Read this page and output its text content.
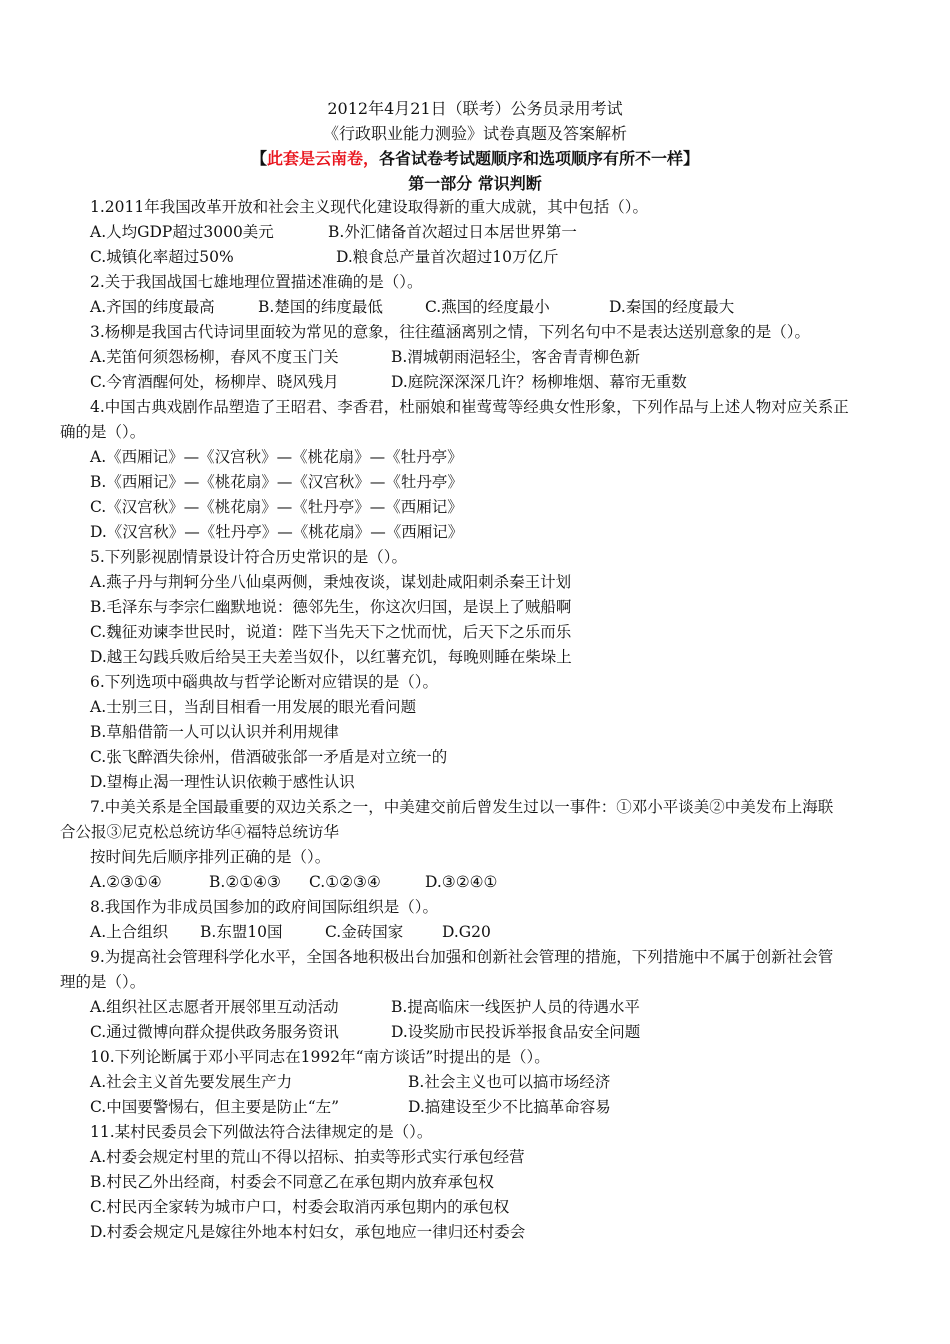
2012年4月21日（联考）公务员录用考试
《行政职业能力测验》试卷真题及答案解析
【此套是云南卷，各省试卷考试题顺序和选项顺序有所不一样】
第一部分 常识判断
1.2011年我国改革开放和社会主义现代化建设取得新的重大成就，其中包括（）。
A.人均GDP超过3000美元	B.外汇储备首次超过日本居世界第一
C.城镇化率超过50%	D.粮食总产量首次超过10万亿斤
2.关于我国战国七雄地理位置描述准确的是（）。
A.齐国的纬度最高	B.楚国的纬度最低	C.燕国的经度最小	D.秦国的经度最大
3.杨柳是我国古代诗词里面较为常见的意象，往往蕴涵离别之情，下列名句中不是表达送别意象的是（）。
A.芜笛何须怨杨柳，春风不度玉门关	B.渭城朝雨浥轻尘，客舍青青柳色新
C.今宵酒醒何处，杨柳岸、晓风残月	D.庭院深深深几许？杨柳堆烟、幕帘无重数
4.中国古典戏剧作品塑造了王昭君、李香君，杜丽娘和崔莺莺等经典女性形象，下列作品与上述人物对应关系正
确的是（）。
A.《西厢记》—《汉宫秋》—《桃花扇》—《牡丹亭》
B.《西厢记》—《桃花扇》—《汉宫秋》—《牡丹亭》
C.《汉宫秋》—《桃花扇》—《牡丹亭》—《西厢记》
D.《汉宫秋》—《牡丹亭》—《桃花扇》—《西厢记》
5.下列影视剧情景设计符合历史常识的是（）。
A.燕子丹与荆轲分坐八仙桌两侧，秉烛夜谈，谋划赴咸阳刺杀秦王计划
B.毛泽东与李宗仁幽默地说：德邻先生，你这次归国，是误上了贼船啊
C.魏征劝谏李世民时，说道：陛下当先天下之忧而忧，后天下之乐而乐
D.越王勾践兵败后给吴王夫差当奴仆，以红薯充饥，每晚则睡在柴垛上
6.下列选项中碯典故与哲学论断对应错误的是（）。
A.士别三日，当刮目相看一用发展的眼光看问题
B.草船借箭一人可以认识并利用规律
C.张飞醉酒失徐州，借酒破张郃一矛盾是对立统一的
D.望梅止渴一理性认识依赖于感性认识
7.中美关系是全国最重要的双边关系之一，中美建交前后曾发生过以一事件：①邓小平谈美②中美发布上海联
合公报③尼克松总统访华④福特总统访华
按时间先后顺序排列正确的是（）。
A.②③①④	B.②①④③ C.①②③④	D.③②④①
8.我国作为非成员国参加的政府间国际组织是（）。
A.上合组织 B.东盟10国	C.金砖国家	D.G20
9.为提高社会管理科学化水平，全国各地积极出台加强和创新社会管理的措施，下列措施中不属于创新社会管
理的是（）。
A.组织社区志愿者开展邻里互动活动	B.提高临床一线医护人员的待遇水平
C.通过微博向群众提供政务服务资讯	D.设奖励市民投诉举报食品安全问题
10.下列论断属于邓小平同志在1992年“南方谈话”时提出的是（）。
A.社会主义首先要发展生产力	B.社会主义也可以搞市场经济
C.中国要警惕右，但主要是防止“左”	D.搞建设至少不比搞革命容易
11.某村民委员会下列做法符合法律规定的是（）。
A.村委会规定村里的荒山不得以招标、拍卖等形式实行承包经营
B.村民乙外出经商，村委会不同意乙在承包期内放弃承包权
C.村民丙全家转为城市户口，村委会取消丙承包期内的承包权
D.村委会规定凡是嫁往外地本村妇女，承包地应一律归还村委会
